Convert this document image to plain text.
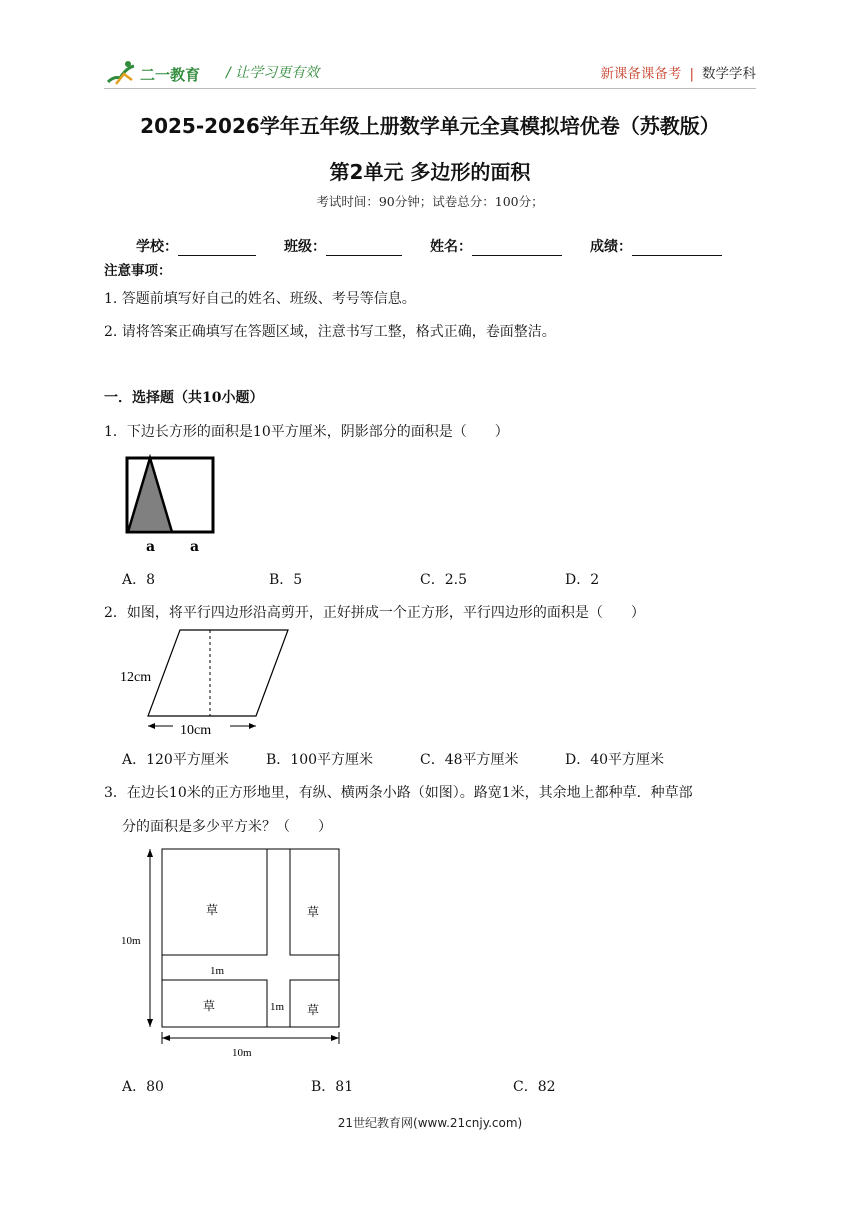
二一教育 / 让学习更有效	新课备课备考 | 数学学科
2025-2026学年五年级上册数学单元全真模拟培优卷（苏教版）
第2单元 多边形的面积
考试时间：90分钟；试卷总分：100分；
学校：	班级：	姓名：	成绩：
注意事项：
1. 答题前填写好自己的姓名、班级、考号等信息。
2. 请将答案正确填写在答题区域，注意书写工整，格式正确，卷面整洁。
一．选择题（共10小题）
1．下边长方形的面积是10平方厘米，阴影部分的面积是（　　）
a a
A．8	B．5	C．2.5	D．2
2．如图，将平行四边形沿高剪开，正好拼成一个正方形，平行四边形的面积是（　　）
12cm
10cm
A．120平方厘米	B．100平方厘米	C．48平方厘米	D．40平方厘米
3．在边长10米的正方形地里，有纵、横两条小路（如图）。路宽1米，其余地上都种草．种草部
分的面积是多少平方米？（　　）
草	草
草	草
1m
1m
10m
10m
A．80	B．81	C．82
21世纪教育网(www.21cnjy.com)
